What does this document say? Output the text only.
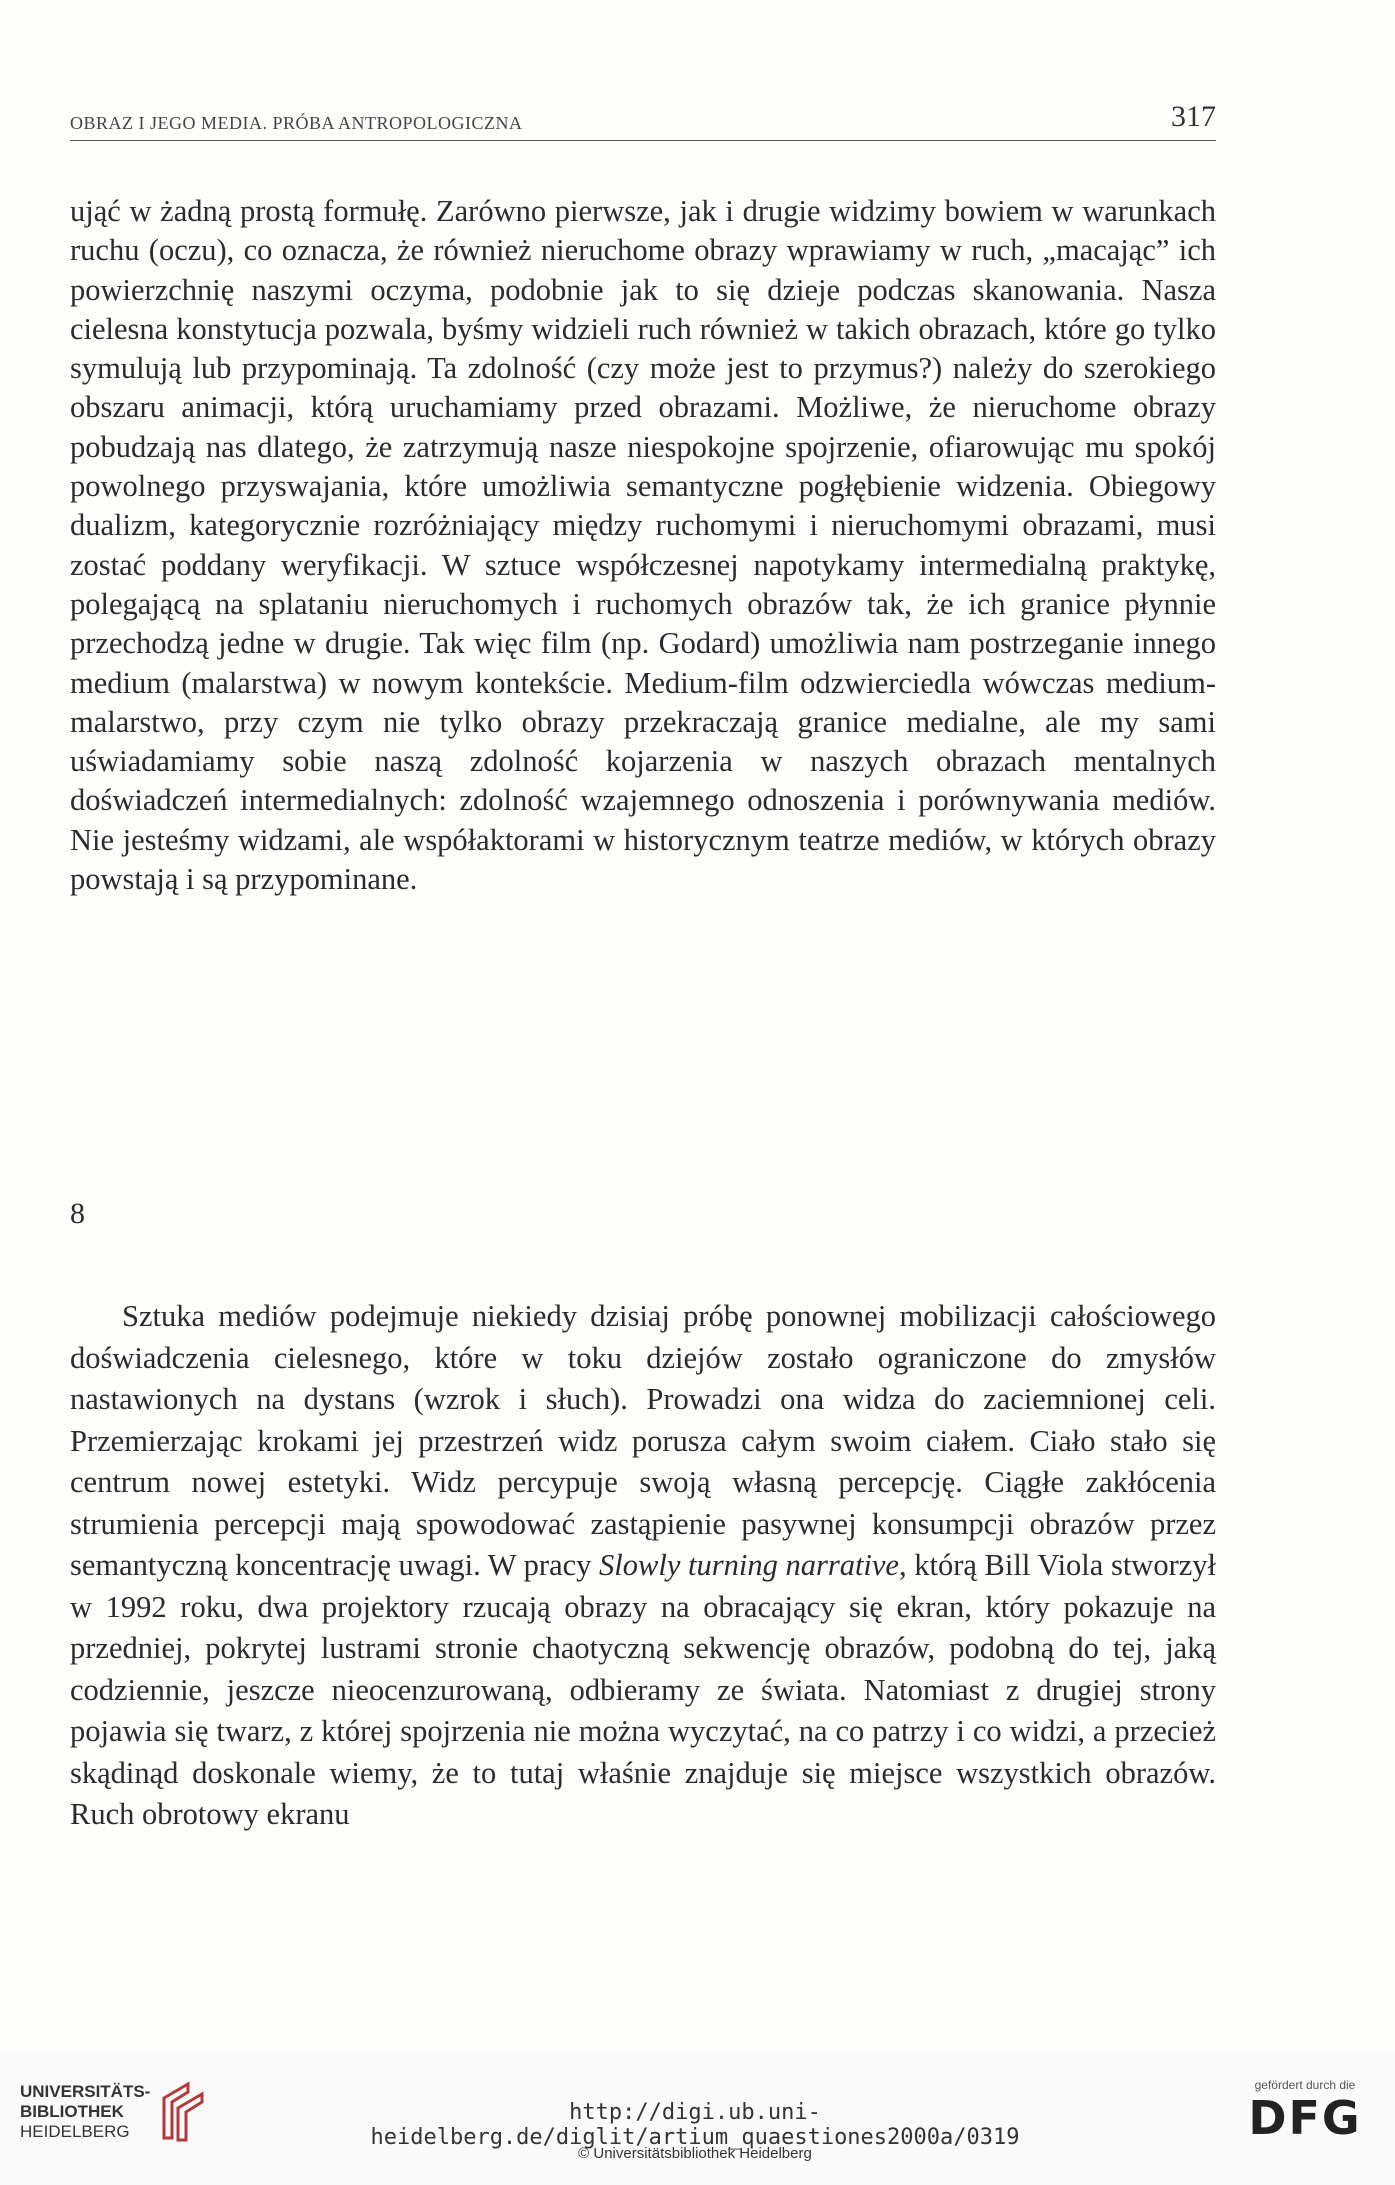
OBRAZ I JEGO MEDIA. PRÓBA ANTROPOLOGICZNA	317

ująć w żadną prostą formułę. Zarówno pierwsze, jak i drugie widzimy bowiem w warunkach ruchu (oczu), co oznacza, że również nieruchome obrazy wprawiamy w ruch, „macając” ich powierzchnię naszymi oczyma, podobnie jak to się dzieje podczas skanowania. Nasza cielesna konstytucja pozwala, byśmy widzieli ruch również w takich obrazach, które go tylko symulują lub przypominają. Ta zdolność (czy może jest to przymus?) należy do szerokiego obszaru animacji, którą uruchamiamy przed obrazami. Możliwe, że nieruchome obrazy pobudzają nas dlatego, że zatrzymują nasze niespokojne spojrzenie, ofiarowując mu spokój powolnego przyswajania, które umożliwia semantyczne pogłębienie widzenia. Obiegowy dualizm, kategorycznie rozróżniający między ruchomymi i nieruchomymi obrazami, musi zostać poddany weryfikacji. W sztuce współczesnej napotykamy intermedialną praktykę, polegającą na splataniu nieruchomych i ruchomych obrazów tak, że ich granice płynnie przechodzą jedne w drugie. Tak więc film (np. Godard) umożliwia nam postrzeganie innego medium (malarstwa) w nowym kontekście. Medium-film odzwierciedla wówczas medium-malarstwo, przy czym nie tylko obrazy przekraczają granice medialne, ale my sami uświadamiamy sobie naszą zdolność kojarzenia w naszych obrazach mentalnych doświadczeń intermedialnych: zdolność wzajemnego odnoszenia i porównywania mediów. Nie jesteśmy widzami, ale współaktorami w historycznym teatrze mediów, w których obrazy powstają i są przypominane.

8

Sztuka mediów podejmuje niekiedy dzisiaj próbę ponownej mobilizacji całościowego doświadczenia cielesnego, które w toku dziejów zostało ograniczone do zmysłów nastawionych na dystans (wzrok i słuch). Prowadzi ona widza do zaciemnionej celi. Przemierzając krokami jej przestrzeń widz porusza całym swoim ciałem. Ciało stało się centrum nowej estetyki. Widz percypuje swoją własną percepcję. Ciągłe zakłócenia strumienia percepcji mają spowodować zastąpienie pasywnej konsumpcji obrazów przez semantyczną koncentrację uwagi. W pracy Slowly turning narrative, którą Bill Viola stworzył w 1992 roku, dwa projektory rzucają obrazy na obracający się ekran, który pokazuje na przedniej, pokrytej lustrami stronie chaotyczną sekwencję obrazów, podobną do tej, jaką codziennie, jeszcze nieocenzurowaną, odbieramy ze świata. Natomiast z drugiej strony pojawia się twarz, z której spojrzenia nie można wyczytać, na co patrzy i co widzi, a przecież skądinąd doskonale wiemy, że to tutaj właśnie znajduje się miejsce wszystkich obrazów. Ruch obrotowy ekranu

UNIVERSITÄTS-
BIBLIOTHEK
HEIDELBERG
http://digi.ub.uni-heidelberg.de/diglit/artium_quaestiones2000a/0319
© Universitätsbibliothek Heidelberg
gefördert durch die
DFG
